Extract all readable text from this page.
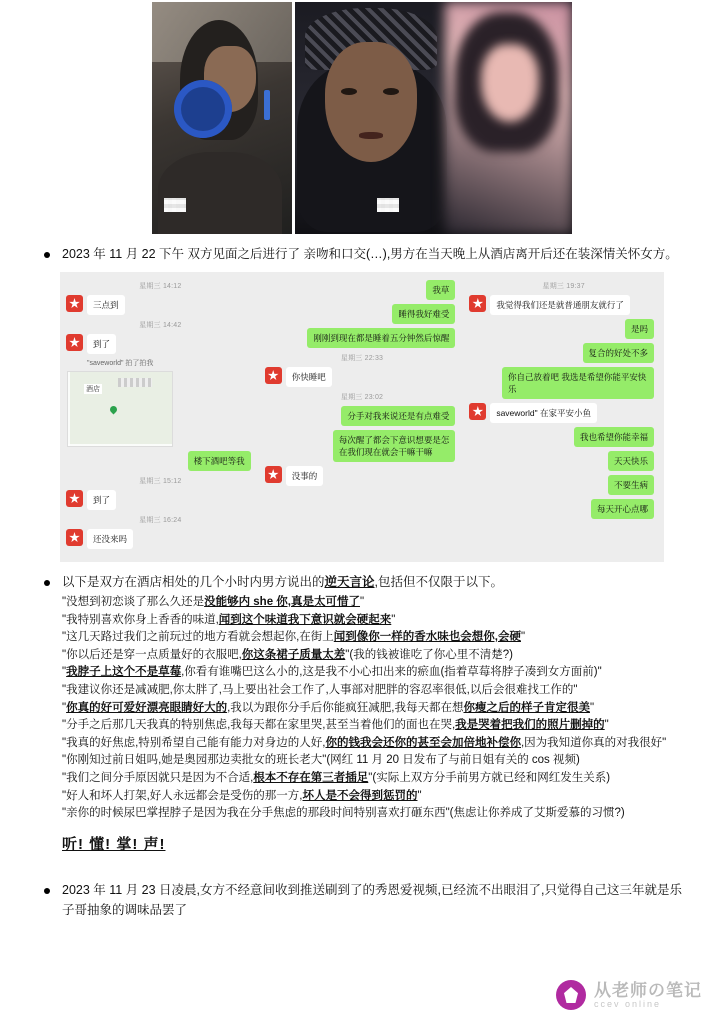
2023 年 11 月 22 下午 双方见面之后进行了 亲吻和口交(…),男方在当天晚上从酒店离开后还在装深情关怀女方。
星期三 14:12
三点到
星期三 14:42
到了
"saveworld" 拍了拍我
酒店
楼下酒吧等我
星期三 15:12
到了
星期三 16:24
还没来吗
我草
睡得我好难受
刚刚到现在都是睡着五分钟然后惊醒
星期三 22:33
你快睡吧
星期三 23:02
分手对我来说还是有点难受
每次醒了都会下意识想要是怎
在我们现在就会干嘛干嘛
没事的
星期三 19:37
我觉得我们还是就普通朋友就行了
是吗
复合的好处不多
你自己放着吧 我选是希望你能平安快乐
saveworld" 在家平安小鱼
我也希望你能幸福
天天快乐
不要生病
每天开心点哪
以下是双方在酒店相处的几个小时内男方说出的逆天言论,包括但不仅限于以下。

"没想到初恋谈了那么久还是没能够内 she 你,真是太可惜了"

"我特别喜欢你身上香香的味道,闻到这个味道我下意识就会硬起来"

"这几天路过我们之前玩过的地方看就会想起你,在街上闻到像你一样的香水味也会想你,会硬"

"你以后还是穿一点质量好的衣服吧,你这条裙子质量太差"(我的钱被谁吃了你心里不清楚?)

"我脖子上这个不是草莓,你看有谁嘴巴这么小的,这是我不小心扣出来的瘀血(指着草莓将脖子凑到女方面前)"

"我建议你还是减减肥,你太胖了,马上要出社会工作了,人事部对肥胖的容忍率很低,以后会很难找工作的"

"你真的好可爱好漂亮眼睛好大的,我以为跟你分手后你能疯狂减肥,我每天都在想你瘦之后的样子肯定很美"

"分手之后那几天我真的特别焦虑,我每天都在家里哭,甚至当着他们的面也在哭,我是哭着把我们的照片删掉的"

"我真的好焦虑,特别希望自己能有能力对身边的人好,你的钱我会还你的甚至会加倍地补偿你,因为我知道你真的对我很好"

"你刚知过前日姐吗,她是奥园那边卖批女的班长老大"(网红 11 月 20 日发布了与前日姐有关的 cos 视频)

"我们之间分手原因就只是因为不合适,根本不存在第三者插足"(实际上双方分手前男方就已经和网红发生关系)

"好人和坏人打架,好人永远都会是受伤的那一方,坏人是不会得到惩罚的"

"亲你的时候尿巴掌捏脖子是因为我在分手焦虑的那段时间特别喜欢打砸东西"(焦虑让你养成了艾斯爱慕的习惯?)

听! 懂! 掌! 声!
2023 年 11 月 23 日凌晨,女方不经意间收到推送刷到了的秀恩爱视频,已经流不出眼泪了,只觉得自己这三年就是乐子哥抽象的调味品罢了
从老师の笔记
ccev online
